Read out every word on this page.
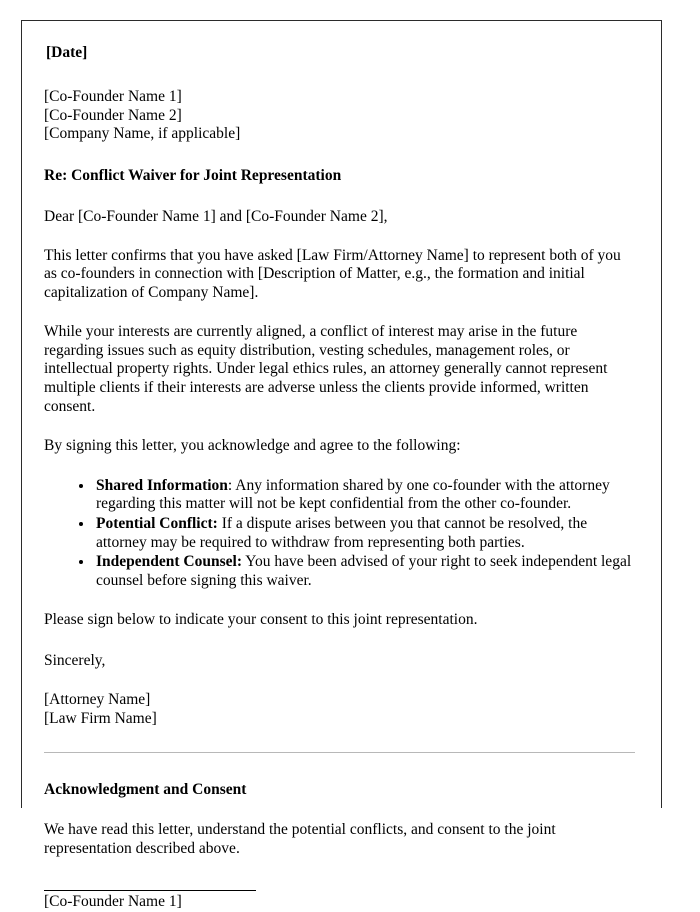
[Date]
[Co-Founder Name 1]
[Co-Founder Name 2]
[Company Name, if applicable]
Re: Conflict Waiver for Joint Representation
Dear [Co-Founder Name 1] and [Co-Founder Name 2],

This letter confirms that you have asked [Law Firm/Attorney Name] to represent both of you as co-founders in connection with [Description of Matter, e.g., the formation and initial capitalization of Company Name].

While your interests are currently aligned, a conflict of interest may arise in the future regarding issues such as equity distribution, vesting schedules, management roles, or intellectual property rights. Under legal ethics rules, an attorney generally cannot represent multiple clients if their interests are adverse unless the clients provide informed, written consent.

By signing this letter, you acknowledge and agree to the following:

• Shared Information: Any information shared by one co-founder with the attorney regarding this matter will not be kept confidential from the other co-founder.
• Potential Conflict: If a dispute arises between you that cannot be resolved, the attorney may be required to withdraw from representing both parties.
• Independent Counsel: You have been advised of your right to seek independent legal counsel before signing this waiver.

Please sign below to indicate your consent to this joint representation.

Sincerely,
[Attorney Name]
[Law Firm Name]
Acknowledgment and Consent

We have read this letter, understand the potential conflicts, and consent to the joint representation described above.

[Co-Founder Name 1]
